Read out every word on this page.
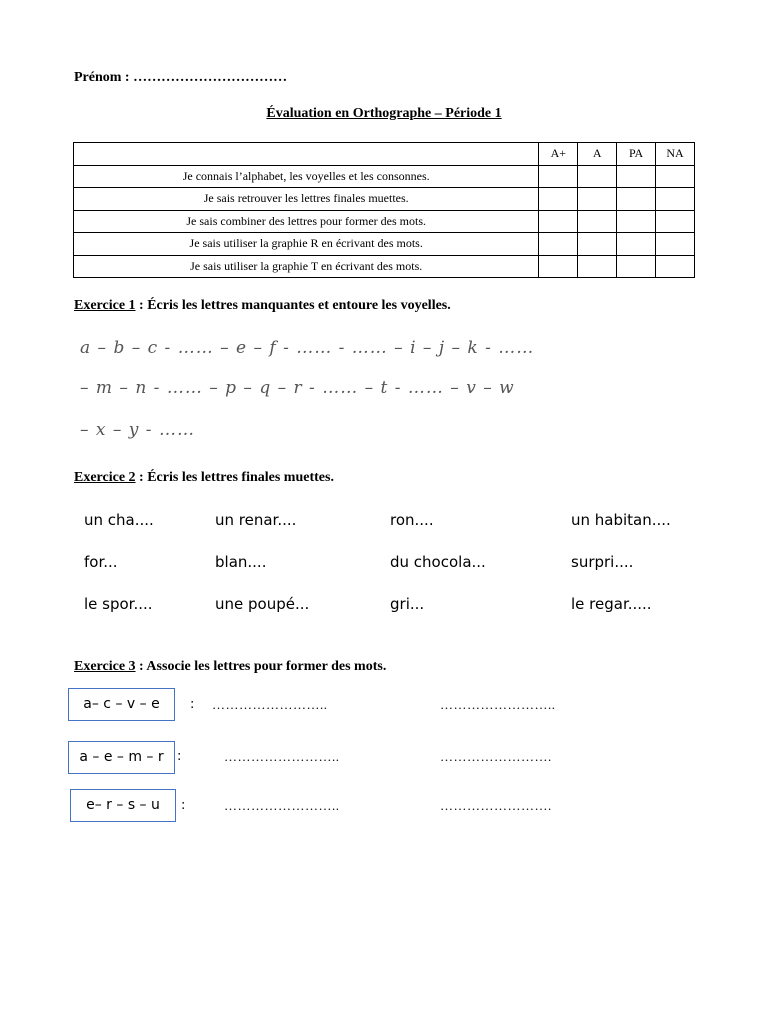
Prénom : ……………………………
Évaluation en Orthographe – Période 1
	A+	A	PA	NA
Je connais l’alphabet, les voyelles et les consonnes.				
Je sais retrouver les lettres finales muettes.				
Je sais combiner des lettres pour former des mots.				
Je sais utiliser la graphie R en écrivant des mots.				
Je sais utiliser la graphie T en écrivant des mots.				
Exercice 1 : Écris les lettres manquantes et entoure les voyelles.
a – b – c - …… – e – f - …… - …… – i – j – k - ……
– m – n - …… – p – q – r - …… – t - …… – v – w
– x – y - ……
Exercice 2 : Écris les lettres finales muettes.
un cha....	un renar....	ron....	un habitan....
for...	blan....	du chocola...	surpri....
le spor....	une poupé...	gri...	le regar.....
Exercice 3 : Associe les lettres pour former des mots.
a– c – v – e	: ……………………..	……………………..
a – e – m – r	:	……………………..	…………………….
e– r – s – u	:	……………………..	…………………….
